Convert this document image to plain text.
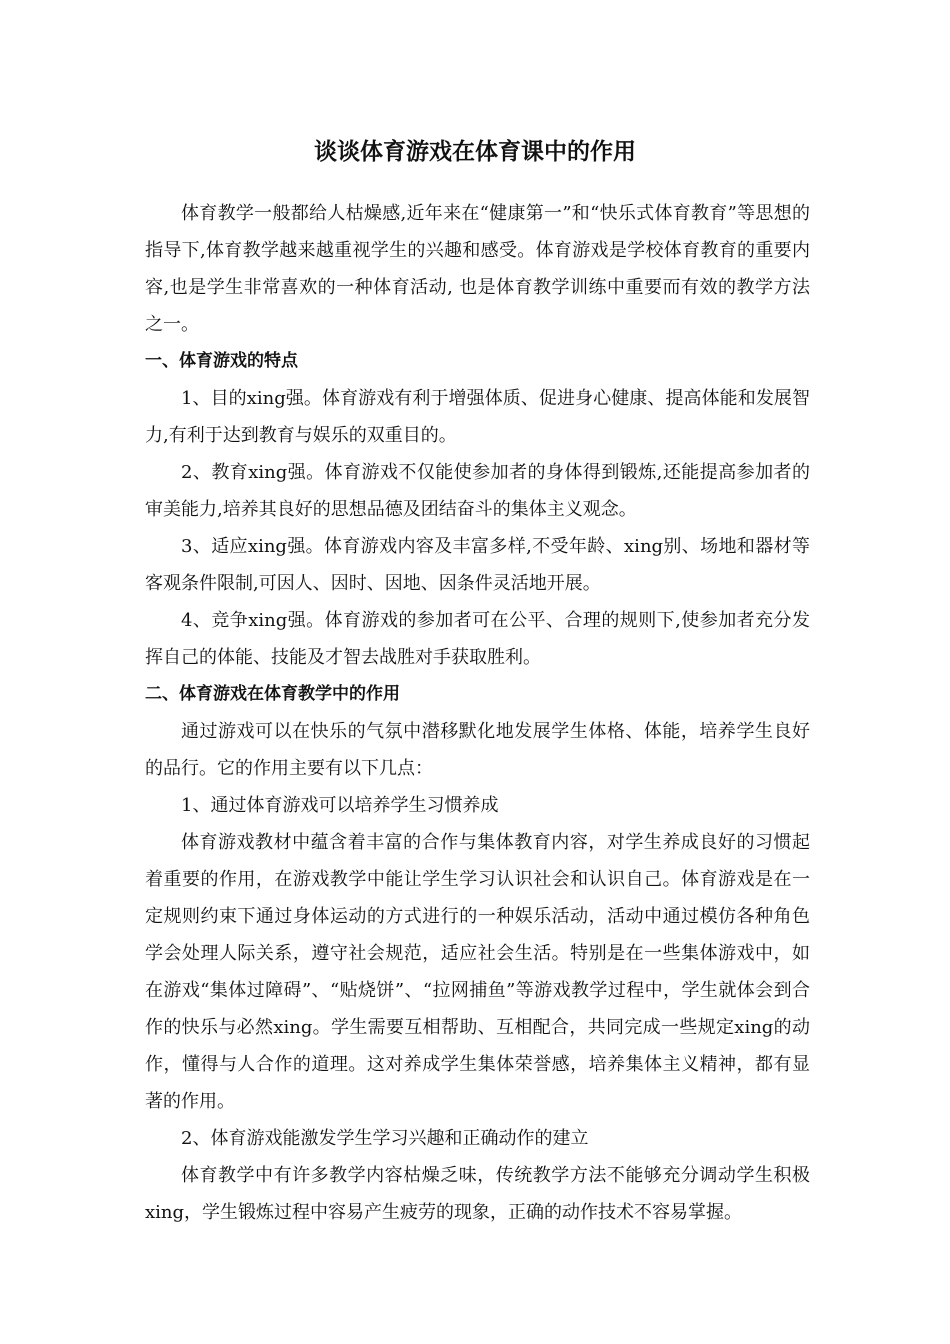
谈谈体育游戏在体育课中的作用

体育教学一般都给人枯燥感,近年来在“健康第一”和“快乐式体育教育”等思想的指导下,体育教学越来越重视学生的兴趣和感受。体育游戏是学校体育教育的重要内容,也是学生非常喜欢的一种体育活动, 也是体育教学训练中重要而有效的教学方法之一。

一、体育游戏的特点

1、目的xing强。体育游戏有利于增强体质、促进身心健康、提高体能和发展智力,有利于达到教育与娱乐的双重目的。

2、教育xing强。体育游戏不仅能使参加者的身体得到锻炼,还能提高参加者的审美能力,培养其良好的思想品德及团结奋斗的集体主义观念。

3、适应xing强。体育游戏内容及丰富多样,不受年龄、xing别、场地和器材等客观条件限制,可因人、因时、因地、因条件灵活地开展。

4、竞争xing强。体育游戏的参加者可在公平、合理的规则下,使参加者充分发挥自己的体能、技能及才智去战胜对手获取胜利。

二、体育游戏在体育教学中的作用

通过游戏可以在快乐的气氛中潜移默化地发展学生体格、体能，培养学生良好的品行。它的作用主要有以下几点：

1、通过体育游戏可以培养学生习惯养成

体育游戏教材中蕴含着丰富的合作与集体教育内容，对学生养成良好的习惯起着重要的作用，在游戏教学中能让学生学习认识社会和认识自己。体育游戏是在一定规则约束下通过身体运动的方式进行的一种娱乐活动，活动中通过模仿各种角色学会处理人际关系，遵守社会规范，适应社会生活。特别是在一些集体游戏中，如在游戏“集体过障碍”、“贴烧饼”、“拉网捕鱼”等游戏教学过程中，学生就体会到合作的快乐与必然xing。学生需要互相帮助、互相配合，共同完成一些规定xing的动作，懂得与人合作的道理。这对养成学生集体荣誉感，培养集体主义精神，都有显著的作用。

2、体育游戏能激发学生学习兴趣和正确动作的建立

体育教学中有许多教学内容枯燥乏味，传统教学方法不能够充分调动学生积极xing，学生锻炼过程中容易产生疲劳的现象，正确的动作技术不容易掌握。
